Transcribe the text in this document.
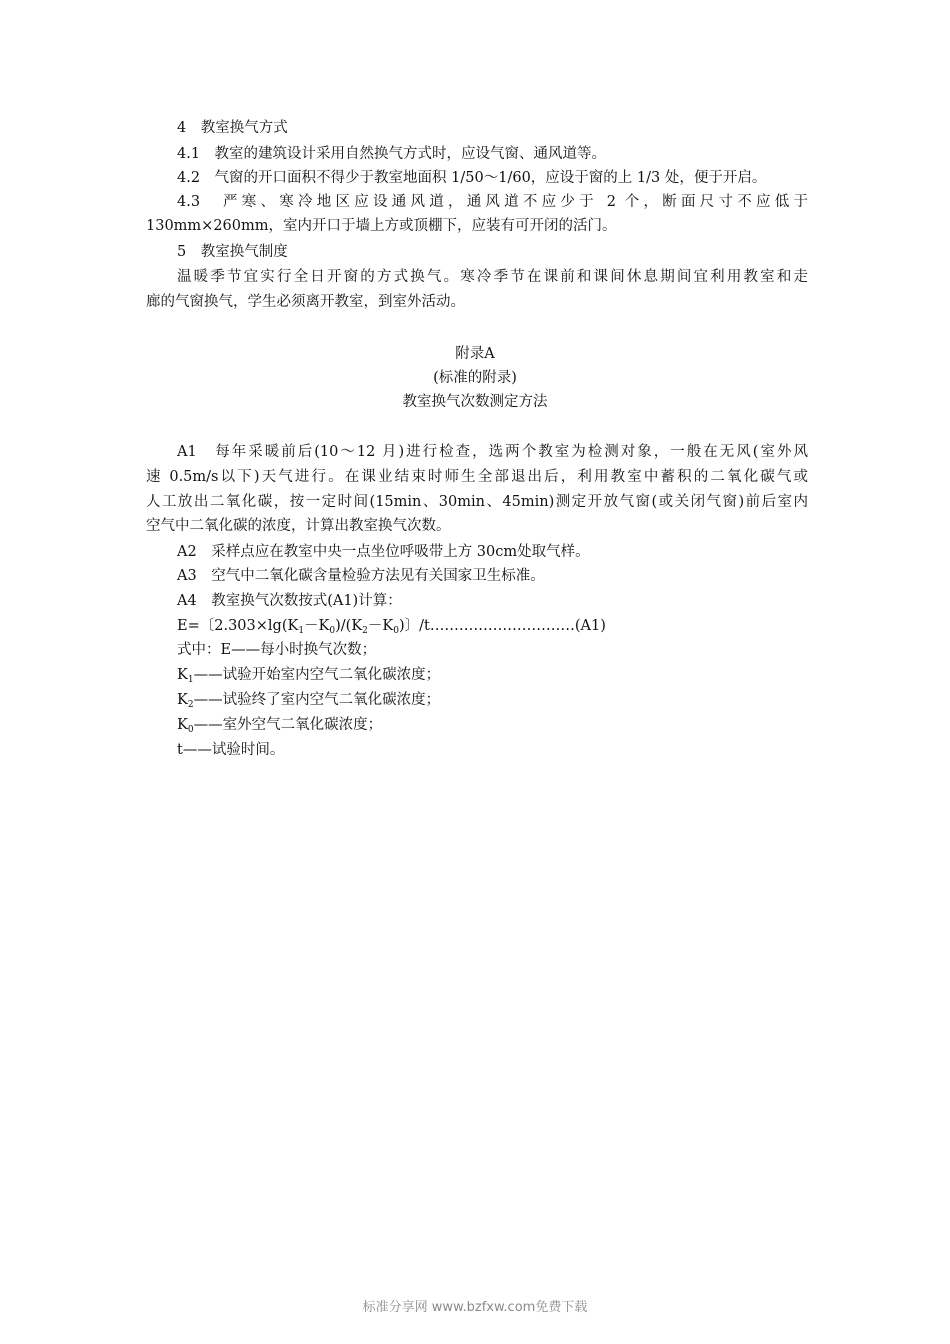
4　教室换气方式
4.1　教室的建筑设计采用自然换气方式时，应设气窗、通风道等。
4.2　气窗的开口面积不得少于教室地面积 1/50～1/60，应设于窗的上 1/3 处，便于开启。
4.3　严寒、寒冷地区应设通风道，通风道不应少于 2 个，断面尺寸不应低于
130mm×260mm，室内开口于墙上方或顶棚下，应装有可开闭的活门。
5　教室换气制度
温暖季节宜实行全日开窗的方式换气。寒冷季节在课前和课间休息期间宜利用教室和走
廊的气窗换气，学生必须离开教室，到室外活动。
附录A
(标准的附录)
教室换气次数测定方法
A1　每年采暖前后(10～12 月)进行检查，选两个教室为检测对象，一般在无风(室外风
速 0.5m/s以下)天气进行。在课业结束时师生全部退出后，利用教室中蓄积的二氧化碳气或
人工放出二氧化碳，按一定时间(15min、30min、45min)测定开放气窗(或关闭气窗)前后室内
空气中二氧化碳的浓度，计算出教室换气次数。
A2　采样点应在教室中央一点坐位呼吸带上方 30cm处取气样。
A3　空气中二氧化碳含量检验方法见有关国家卫生标准。
A4　教室换气次数按式(A1)计算：
E=〔$2.303\times\lg(K_1-K_0)/(K_2-K_0)$〕/t…………………………(A1)
式中：E——每小时换气次数；
$K_1——$试验开始室内空气二氧化碳浓度；
$K_2——$试验终了室内空气二氧化碳浓度；
$K_0——$室外空气二氧化碳浓度；
t——试验时间。
标准分享网 www.bzfxw.com免费下载
